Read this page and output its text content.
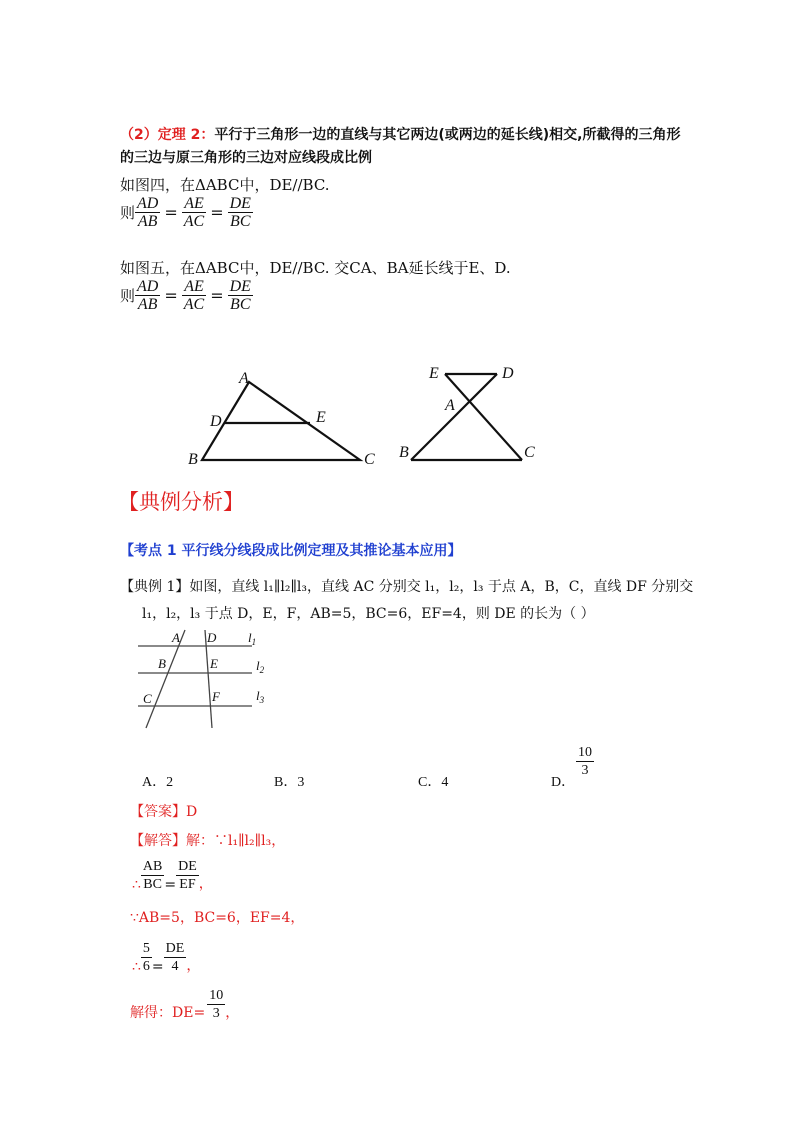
（2）定理 2：平行于三角形一边的直线与其它两边(或两边的延长线)相交,所截得的三角形
的三边与原三角形的三边对应线段成比例
如图四，在ΔABC中，DE//BC.
则 $\frac{AD}{AB} = \frac{AE}{AC} = \frac{DE}{BC}$
如图五，在ΔABC中，DE//BC. 交CA、BA延长线于E、D.
则 $\frac{AD}{AB} = \frac{AE}{AC} = \frac{DE}{BC}$
A
D	E
B	C
E	D
A
B	C
【典例分析】
【考点 1 平行线分线段成比例定理及其推论基本应用】
【典例 1】如图，直线 l₁∥l₂∥l₃，直线 AC 分别交 l₁，l₂，l₃ 于点 A，B，C，直线 DF 分别交
l₁，l₂，l₃ 于点 D，E，F，AB=5，BC=6，EF=4，则 DE 的长为（ ）
A D
B	E
C	F
$l_1$
$l_2$
$l_3$
A．2	B．3	C．4	D．
$\frac{10}{3}$
【答案】D
【解答】解：∵l₁∥l₂∥l₃，
∴ $\frac{AB}{BC} = \frac{DE}{EF}$ ，
∵AB=5，BC=6，EF=4，
∴ $\frac{5}{6} = \frac{DE}{4}$ ，
解得：$DE= \frac{10}{3}$ ，
